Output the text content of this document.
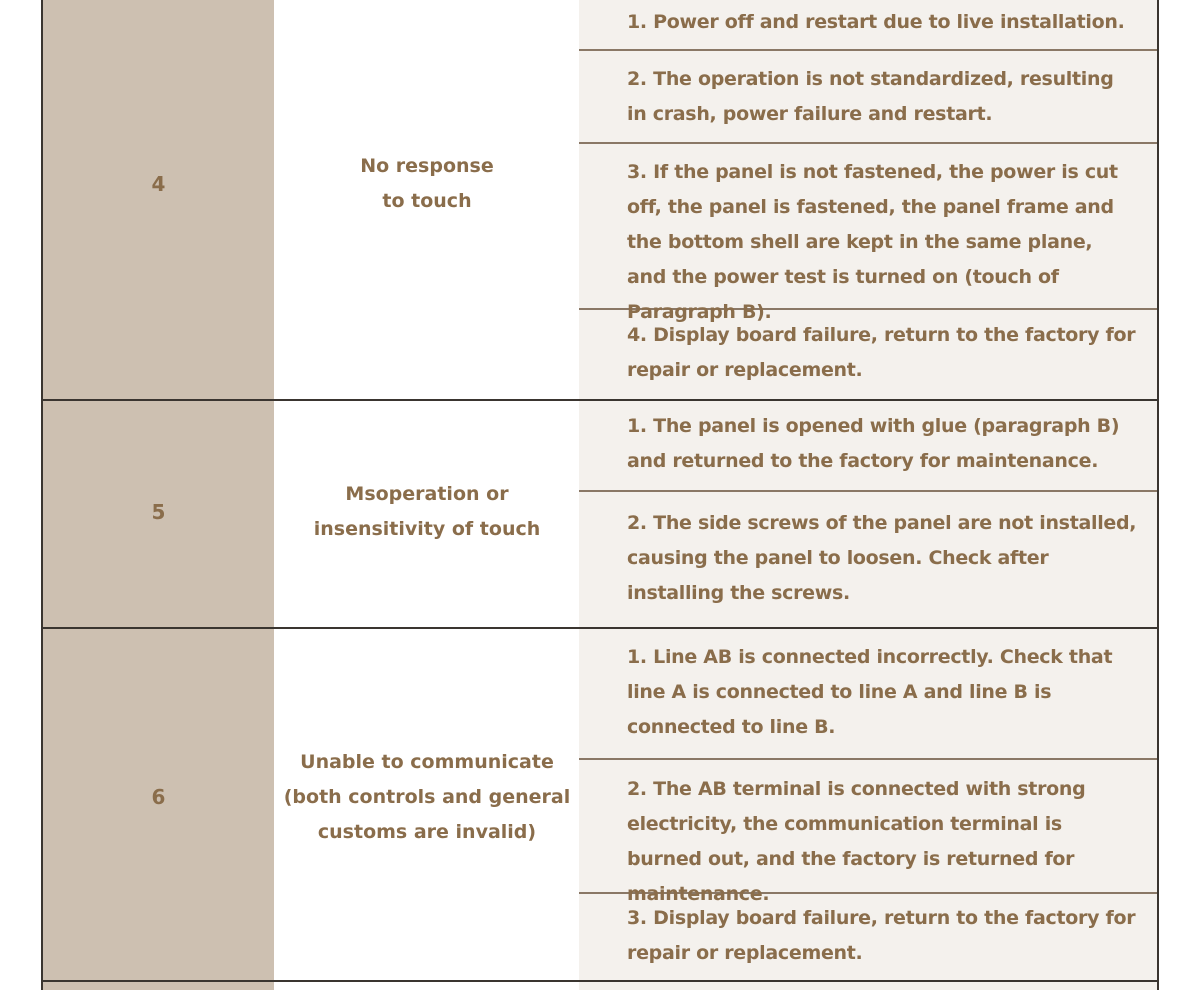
4
No response
to touch
1. Power off and restart due to live installation.
2. The operation is not standardized, resulting in crash, power failure and restart.
3. If the panel is not fastened, the power is cut off, the panel is fastened, the panel frame and the bottom shell are kept in the same plane, and the power test is turned on (touch of Paragraph B).
4. Display board failure, return to the factory for repair or replacement.
5
Msoperation or
insensitivity of touch
1. The panel is opened with glue (paragraph B) and returned to the factory for maintenance.
2. The side screws of the panel are not installed, causing the panel to loosen. Check after installing the screws.
6
Unable to communicate
(both controls and general
customs are invalid)
1. Line AB is connected incorrectly. Check that line A is connected to line A and line B is connected to line B.
2. The AB terminal is connected with strong electricity, the communication terminal is burned out, and the factory is returned for maintenance.
3. Display board failure, return to the factory for repair or replacement.
